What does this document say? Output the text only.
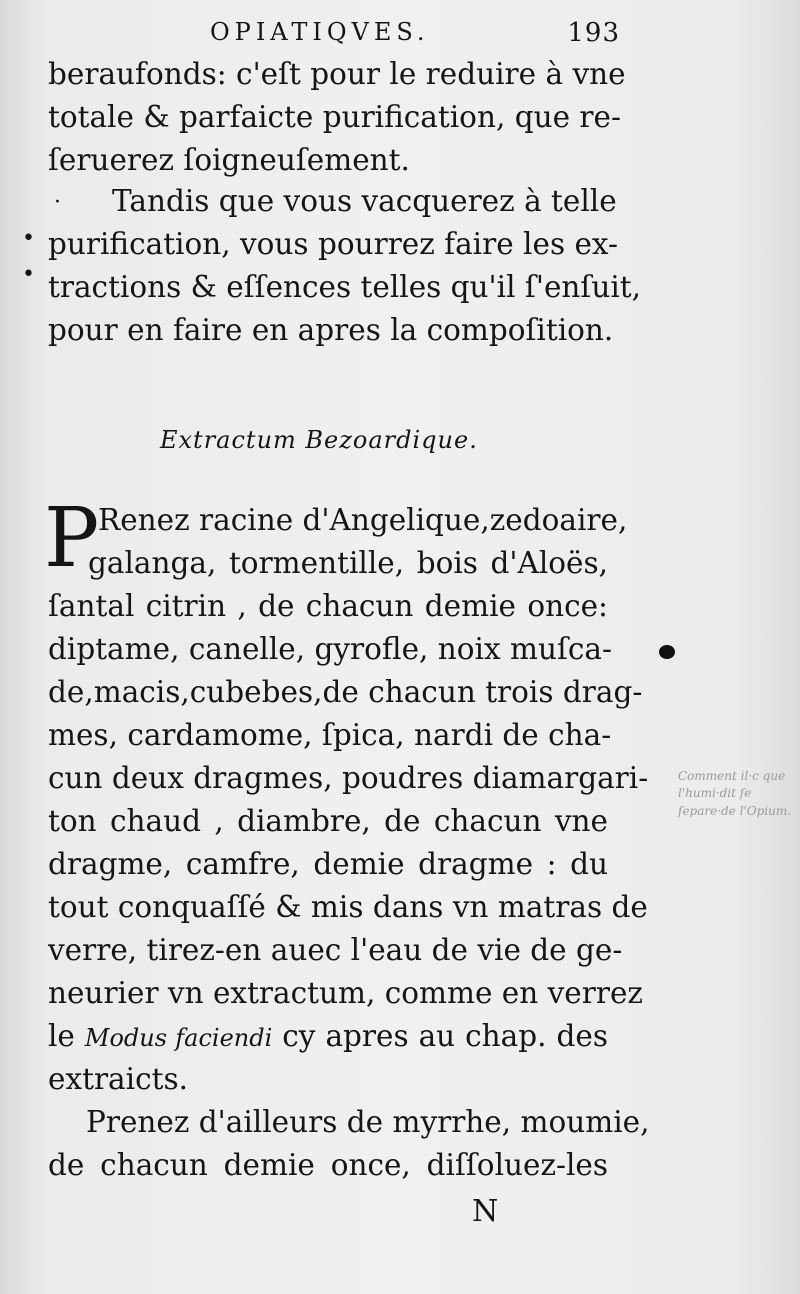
OPIATIQVES.	193
beraufonds: c'eſt pour le reduire à vne
totale & parfaicte purification, que re-
ſeruerez ſoigneuſement.
·
•
•
Tandis que vous vacquerez à telle
purification, vous pourrez faire les ex-
tractions & eſſences telles qu'il ſ'enſuit,
pour en faire en apres la compoſition.
Extractum Bezoardique.
P
Renez racine d'Angelique,zedoaire,
galanga, tormentille, bois d'Aloës,
ſantal citrin , de chacun demie once:
diptame, canelle, gyrofle, noix muſca-
de,macis,cubebes,de chacun trois drag-
mes, cardamome, ſpica, nardi de cha-
cun deux dragmes, poudres diamargari-
ton chaud , diambre, de chacun vne
dragme, camfre, demie dragme : du
tout conquaſſé & mis dans vn matras de
verre, tirez-en auec l'eau de vie de ge-
neurier vn extractum, comme en verrez
le Modus faciendi cy apres au chap. des
extraicts.
Prenez d'ailleurs de myrrhe, moumie,
de chacun demie once, diſſoluez-les
N
Comment il·c que l'humi·dit ſe ſepare·de l'Opium.
